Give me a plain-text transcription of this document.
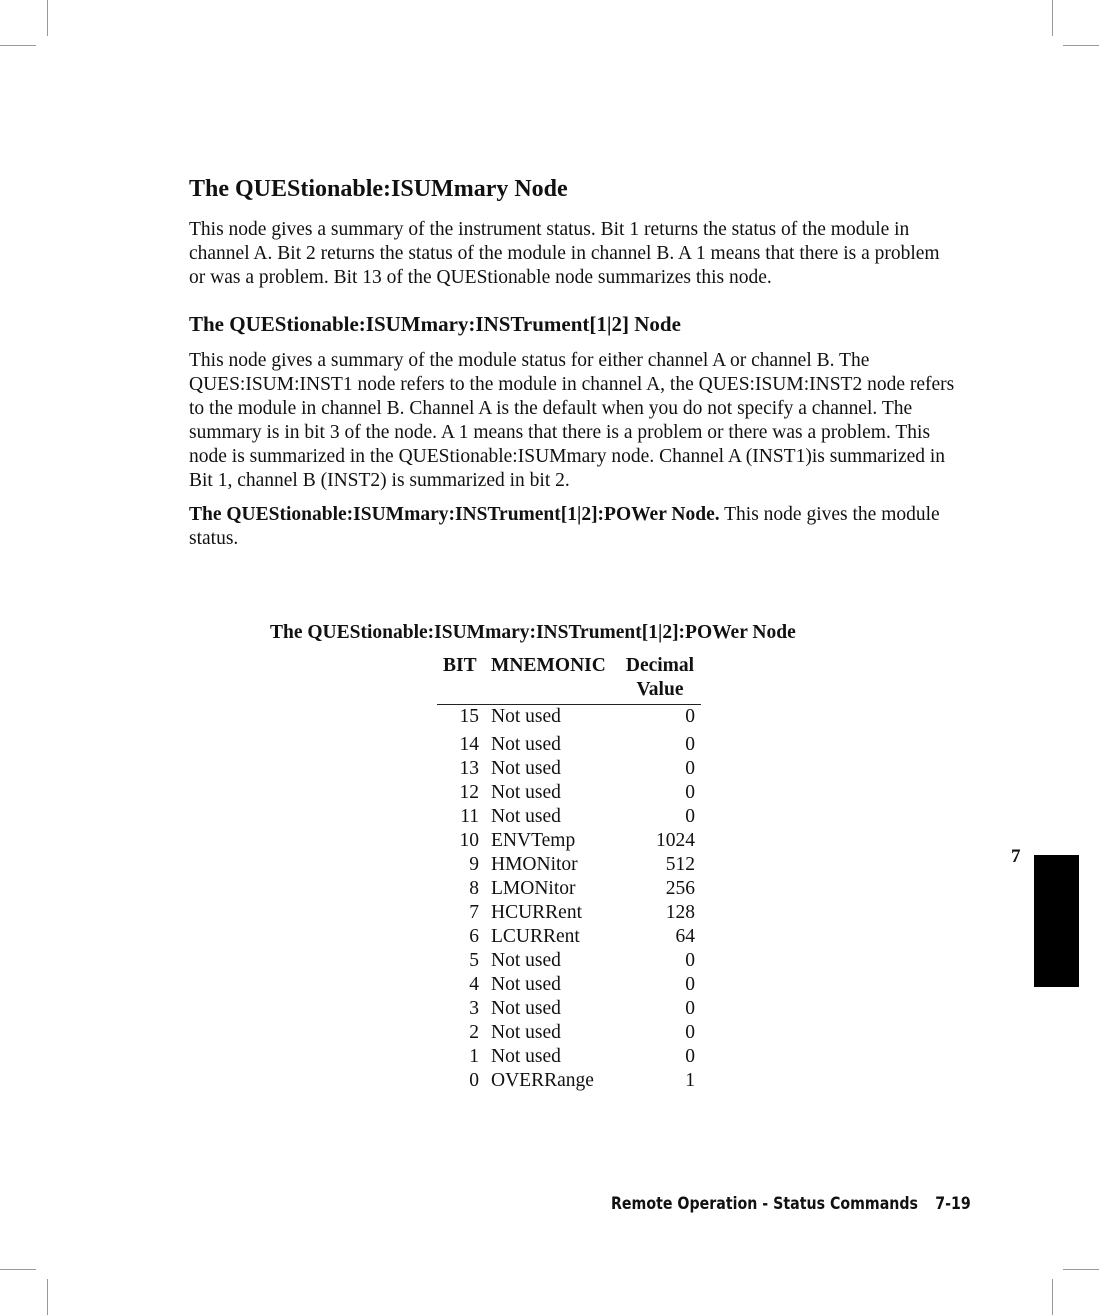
The QUEStionable:ISUMmary Node

This node gives a summary of the instrument status. Bit 1 returns the status of the module in channel A. Bit 2 returns the status of the module in channel B. A 1 means that there is a problem or was a problem. Bit 13 of the QUEStionable node summarizes this node.

The QUEStionable:ISUMmary:INSTrument[1|2] Node

This node gives a summary of the module status for either channel A or channel B. The QUES:ISUM:INST1 node refers to the module in channel A, the QUES:ISUM:INST2 node refers to the module in channel B. Channel A is the default when you do not specify a channel. The summary is in bit 3 of the node. A 1 means that there is a problem or there was a problem. This node is summarized in the QUEStionable:ISUMmary node. Channel A (INST1)is summarized in Bit 1, channel B (INST2) is summarized in bit 2.

The QUEStionable:ISUMmary:INSTrument[1|2]:POWer Node. This node gives the module status.

The QUEStionable:ISUMmary:INSTrument[1|2]:POWer Node
BIT	MNEMONIC	Decimal Value
15	Not used	0
14	Not used	0
13	Not used	0
12	Not used	0
11	Not used	0
10	ENVTemp	1024
9	HMONitor	512
8	LMONitor	256
7	HCURRent	128
6	LCURRent	64
5	Not used	0
4	Not used	0
3	Not used	0
2	Not used	0
1	Not used	0
0	OVERRange	1
Remote Operation - Status Commands 7-19
7
